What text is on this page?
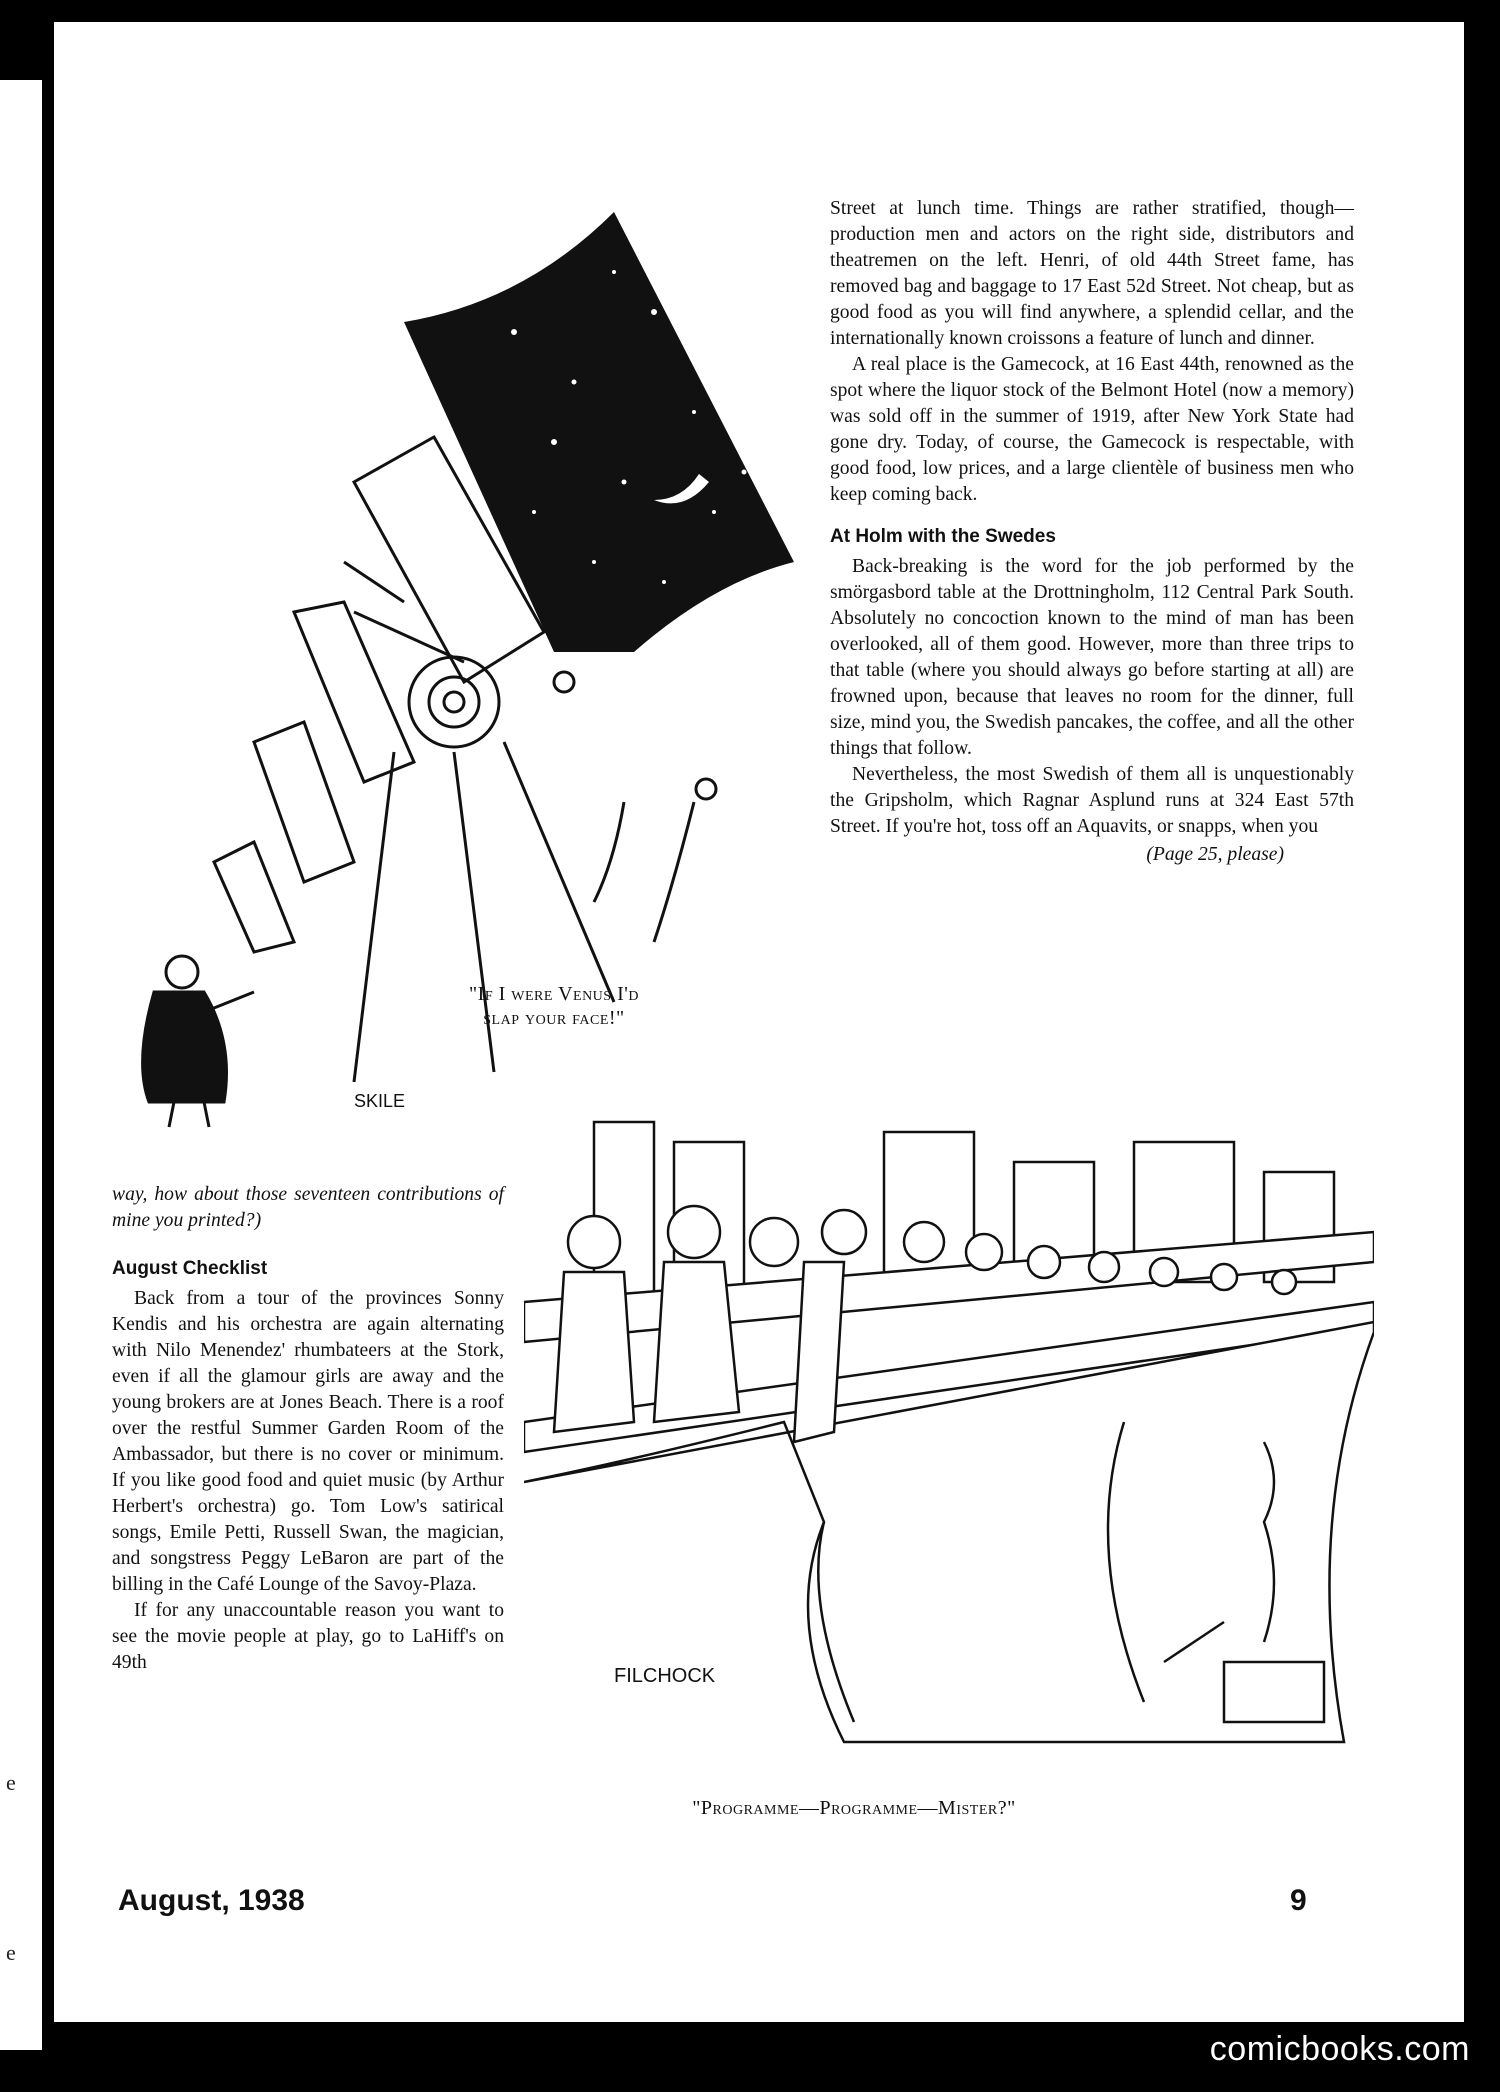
e
e
SKILE
"If I were Venus I'd
slap your face!"

Street at lunch time. Things are rather stratified, though—production men and actors on the right side, distributors and theatremen on the left. Henri, of old 44th Street fame, has removed bag and baggage to 17 East 52d Street. Not cheap, but as good food as you will find anywhere, a splendid cellar, and the internationally known croissons a feature of lunch and dinner.

A real place is the Gamecock, at 16 East 44th, renowned as the spot where the liquor stock of the Belmont Hotel (now a memory) was sold off in the summer of 1919, after New York State had gone dry. Today, of course, the Gamecock is respectable, with good food, low prices, and a large clientèle of business men who keep coming back.

At Holm with the Swedes

Back-breaking is the word for the job performed by the smörgasbord table at the Drottningholm, 112 Central Park South. Absolutely no concoction known to the mind of man has been overlooked, all of them good. However, more than three trips to that table (where you should always go before starting at all) are frowned upon, because that leaves no room for the dinner, full size, mind you, the Swedish pancakes, the coffee, and all the other things that follow.

Nevertheless, the most Swedish of them all is unquestionably the Gripsholm, which Ragnar Asplund runs at 324 East 57th Street. If you're hot, toss off an Aquavits, or snapps, when you

(Page 25, please)

way, how about those seventeen contributions of mine you printed?)

August Checklist

Back from a tour of the provinces Sonny Kendis and his orchestra are again alternating with Nilo Menendez' rhumbateers at the Stork, even if all the glamour girls are away and the young brokers are at Jones Beach. There is a roof over the restful Summer Garden Room of the Ambassador, but there is no cover or minimum. If you like good food and quiet music (by Arthur Herbert's orchestra) go. Tom Low's satirical songs, Emile Petti, Russell Swan, the magician, and songstress Peggy LeBaron are part of the billing in the Café Lounge of the Savoy-Plaza.

If for any unaccountable reason you want to see the movie people at play, go to LaHiff's on 49th

FILCHOCK
"Programme—Programme—Mister?"
August, 1938	9
comicbooks.com
